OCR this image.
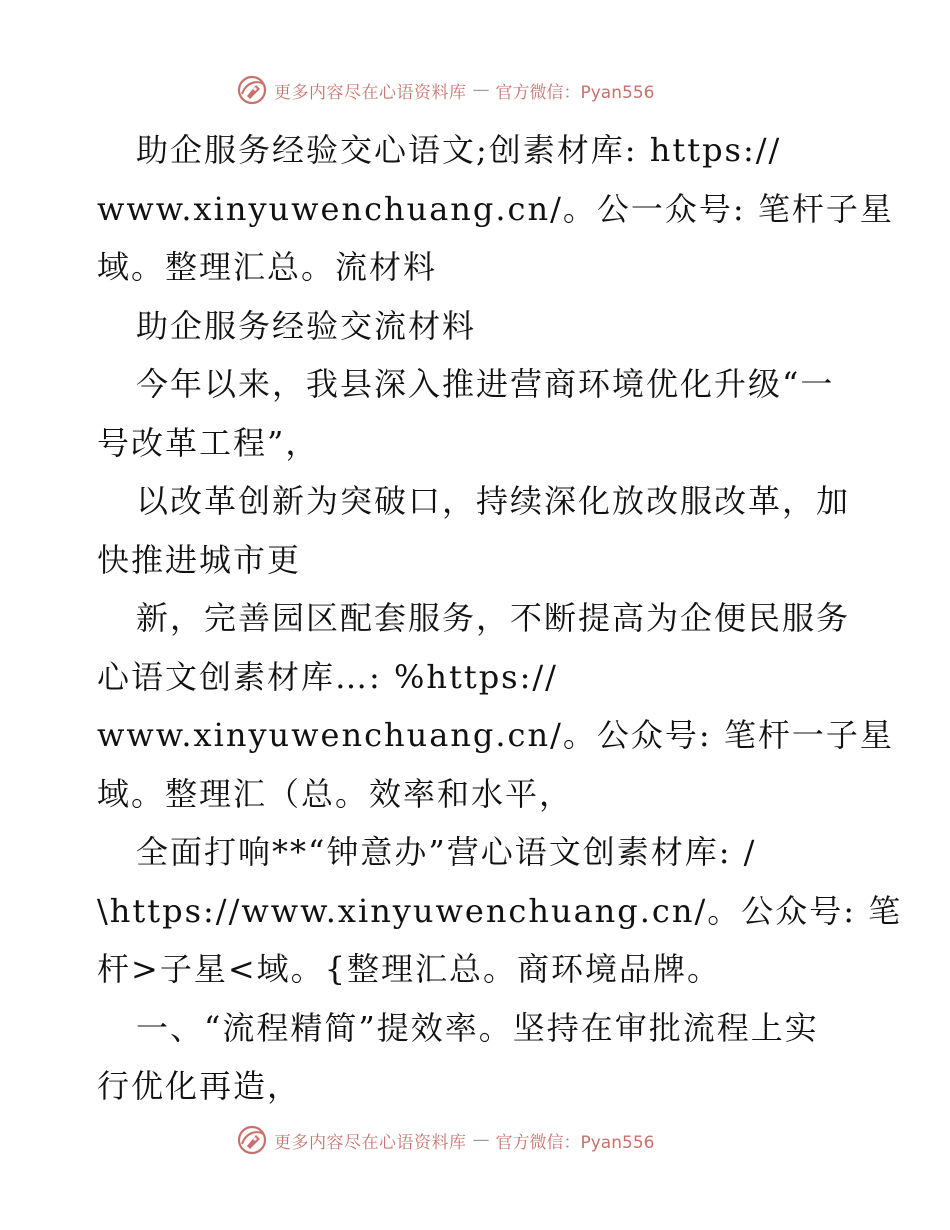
更多内容尽在心语资料库 — 官方微信：Pyan556
助企服务经验交心语文;创素材库: https://
www.xinyuwenchuang.cn/。公一众号: 笔杆子星
域。整理汇总。流材料
助企服务经验交流材料
今年以来，我县深入推进营商环境优化升级“一
号改革工程”，
以改革创新为突破口，持续深化放改服改革，加
快推进城市更
新，完善园区配套服务，不断提高为企便民服务
心语文创素材库…: %https://
www.xinyuwenchuang.cn/。公众号: 笔杆一子星
域。整理汇（总。效率和水平，
全面打响**“钟意办”营心语文创素材库: /
\https://www.xinyuwenchuang.cn/。公众号: 笔
杆>子星<域。{整理汇总。商环境品牌。
一、“流程精简”提效率。坚持在审批流程上实
行优化再造，
更多内容尽在心语资料库 — 官方微信：Pyan556
